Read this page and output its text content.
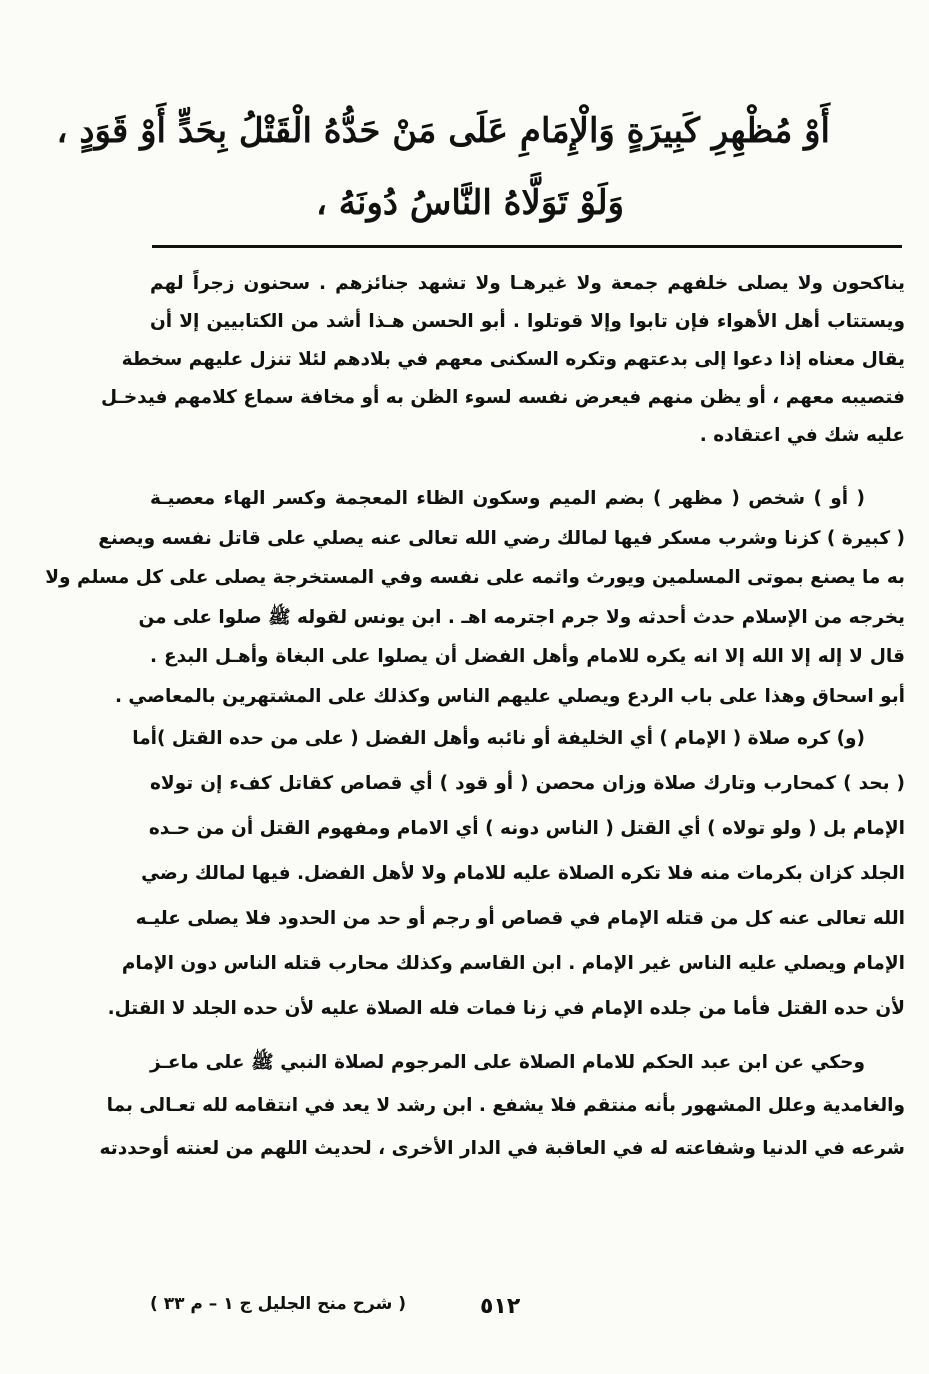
أَوْ مُظْهِرِ كَبِيرَةٍ وَالْإِمَامِ عَلَى مَنْ حَدُّهُ الْقَتْلُ بِحَدٍّ أَوْ قَوَدٍ ،
وَلَوْ تَوَلَّاهُ النَّاسُ دُونَهُ ،
يناكحون ولا يصلى خلفهم جمعة ولا غيرهـا ولا تشهد جنائزهم . سحنون زجراً لهم
ويستتاب أهل الأهواء فإن تابوا وإلا قوتلوا . أبو الحسن هـذا أشد من الكتابيين إلا أن
يقال معناه إذا دعوا إلى بدعتهم وتكره السكنى معهم في بلادهم لئلا تنزل عليهم سخطة
فتصيبه معهم ، أو يظن منهم فيعرض نفسه لسوء الظن به أو مخافة سماع كلامهم فيدخـل
عليه شك في اعتقاده .
( أو ) شخص ( مظهر ) بضم الميم وسكون الظاء المعجمة وكسر الهاء معصيـة
( كبيرة ) كزنا وشرب مسكر فيها لمالك رضي الله تعالى عنه يصلي على قاتل نفسه ويصنع
به ما يصنع بموتى المسلمين ويورث واثمه على نفسه وفي المستخرجة يصلى على كل مسلم ولا
يخرجه من الإسلام حدث أحدثه ولا جرم اجترمه اهـ . ابن يونس لقوله ﷺ صلوا على من
قال لا إله إلا الله إلا انه يكره للامام وأهل الفضل أن يصلوا على البغاة وأهـل البدع .
أبو اسحاق وهذا على باب الردع ويصلي عليهم الناس وكذلك على المشتهرين بالمعاصي .
(و) كره صلاة ( الإمام ) أي الخليفة أو نائبه وأهل الفضل ( على من حده القتل )أما
( بحد ) كمحارب وتارك صلاة وزان محصن ( أو قود ) أي قصاص كقاتل كفء إن تولاه
الإمام بل ( ولو تولاه ) أي القتل ( الناس دونه ) أي الامام ومفهوم القتل أن من حـده
الجلد كزان بكرمات منه فلا تكره الصلاة عليه للامام ولا لأهل الفضل. فيها لمالك رضي
الله تعالى عنه كل من قتله الإمام في قصاص أو رجم أو حد من الحدود فلا يصلى عليـه
الإمام ويصلي عليه الناس غير الإمام . ابن القاسم وكذلك محارب قتله الناس دون الإمام
لأن حده القتل فأما من جلده الإمام في زنا فمات فله الصلاة عليه لأن حده الجلد لا القتل.
وحكي عن ابن عبد الحكم للامام الصلاة على المرجوم لصلاة النبي ﷺ على ماعـز
والغامدية وعلل المشهور بأنه منتقم فلا يشفع . ابن رشد لا يعد في انتقامه لله تعـالى بما
شرعه في الدنيا وشفاعته له في العاقبة في الدار الأخرى ، لحديث اللهم من لعنته أوحددته
٥١٢
( شرح منح الجليل ج ١ – م ٣٣ )
